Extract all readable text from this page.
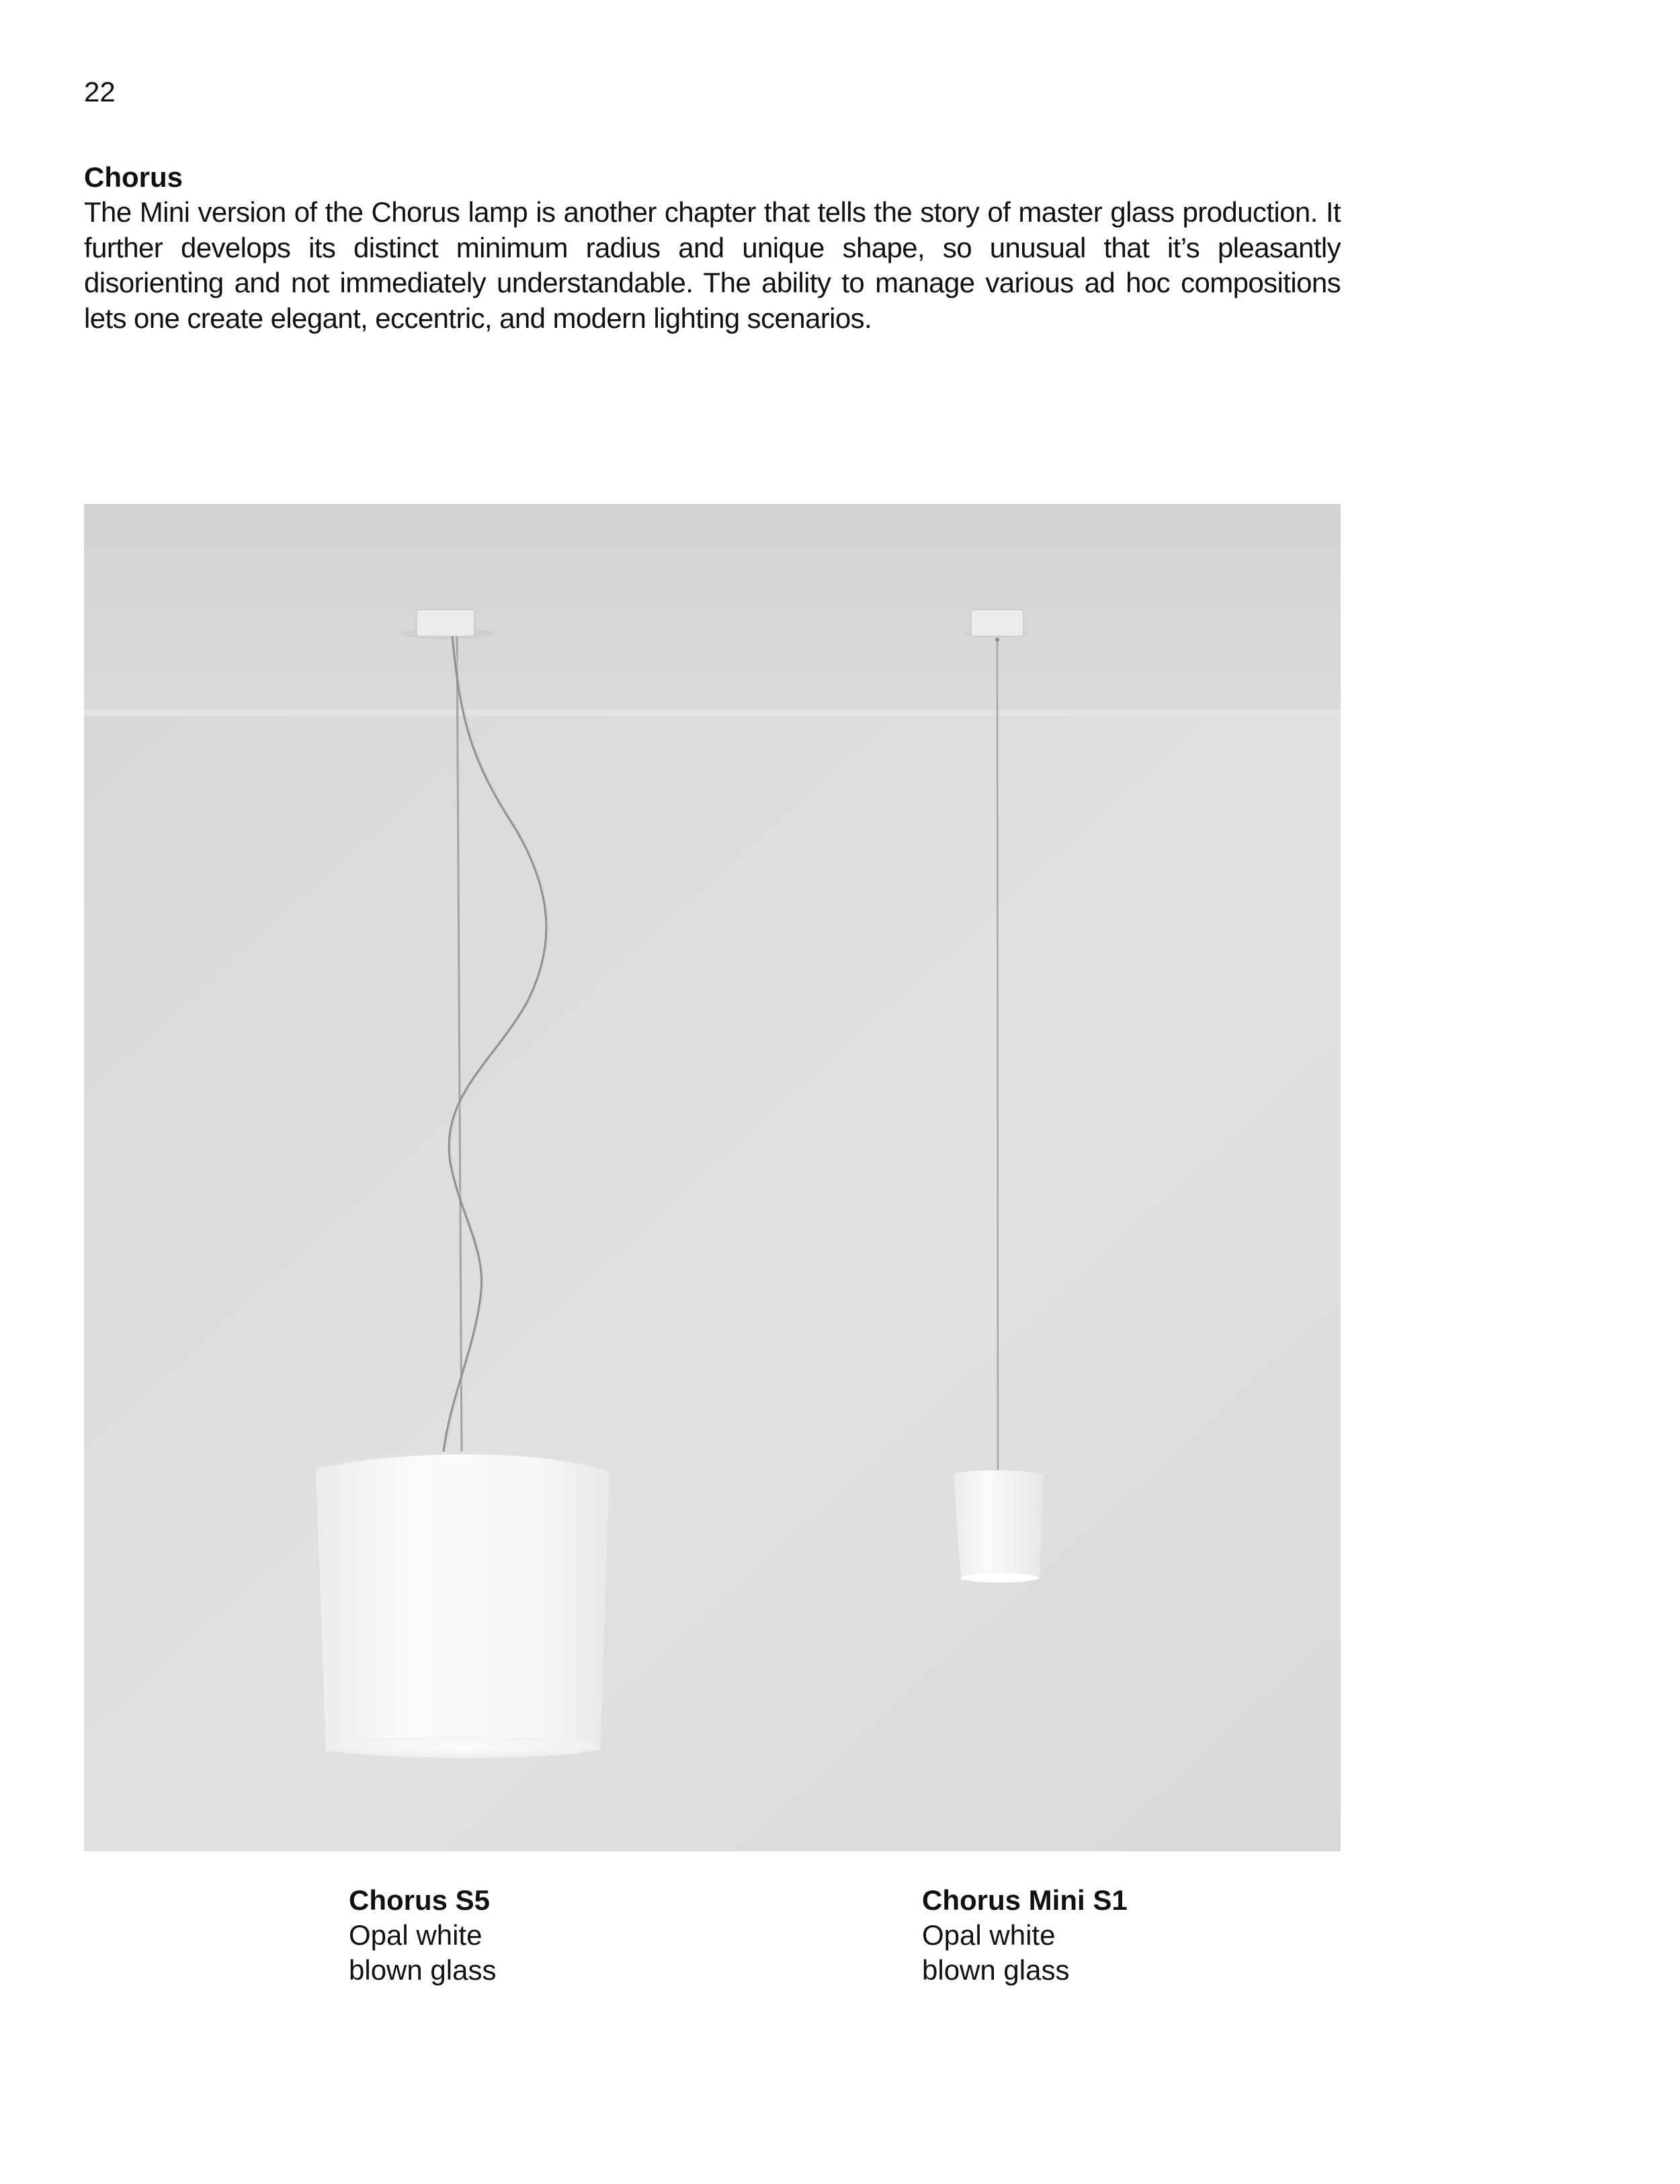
22
Chorus

The Mini version of the Chorus lamp is another chapter that tells the story of master glass production. It further develops its distinct minimum radius and unique shape, so unusual that it’s pleasantly disorienting and not immediately understandable. The ability to manage various ad hoc compositions lets one create elegant, eccentric, and modern lighting scenarios.

Chorus S5
Opal white
blown glass
Chorus Mini S1
Opal white
blown glass
